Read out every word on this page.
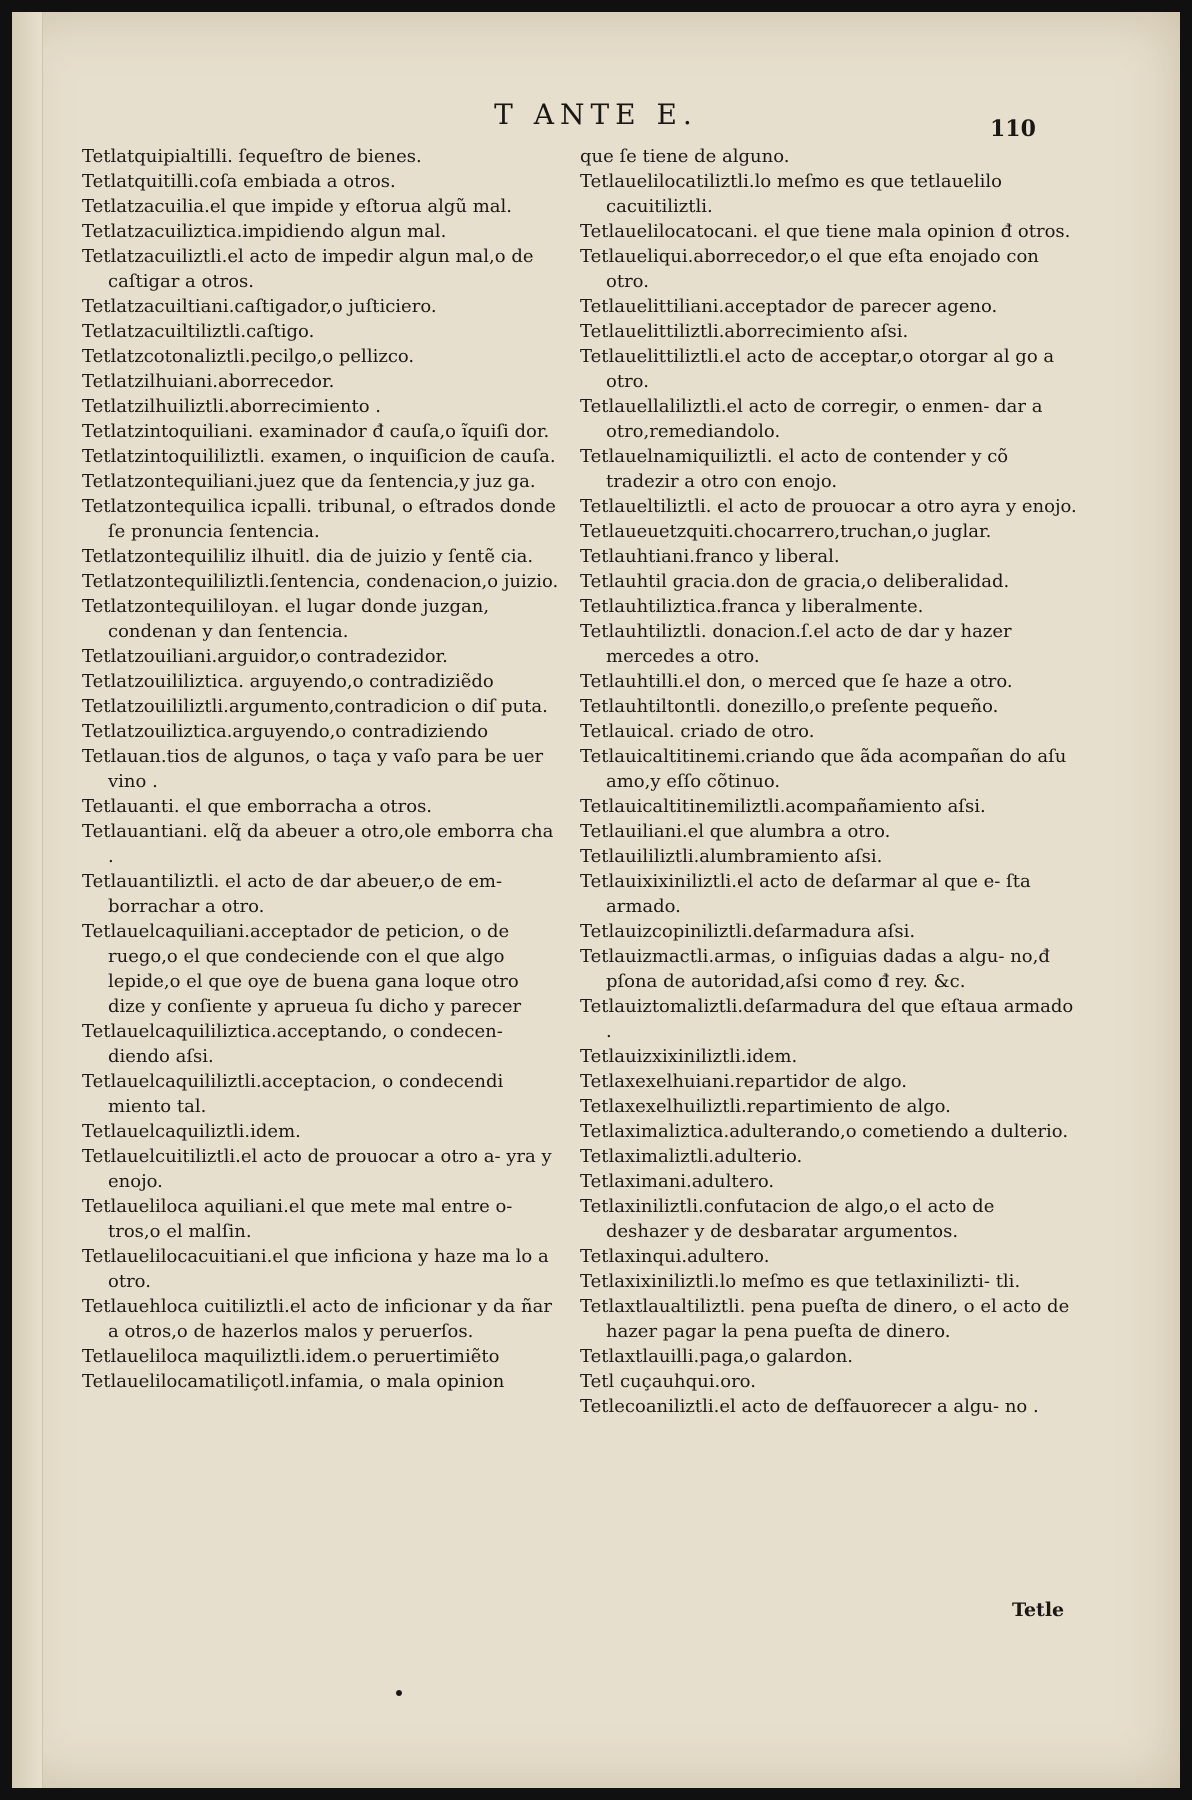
T ANTE E.	110
Tetlatquipialtilli. ſequeſtro de bienes.
Tetlatquitilli.coſa embiada a otros.
Tetlatzacuilia.el que impide y eſtorua algũ mal.
Tetlatzacuiliztica.impidiendo algun mal.
Tetlatzacuiliztli.el acto de impedir algun mal,o de caſtigar a otros.
Tetlatzacuiltiani.caſtigador,o juſticiero.
Tetlatzacuiltiliztli.caſtigo.
Tetlatzcotonaliztli.pecilgo,o pellizco.
Tetlatzilhuiani.aborrecedor.
Tetlatzilhuiliztli.aborrecimiento .
Tetlatzintoquiliani. examinador đ cauſa,o ĩquiſi dor.
Tetlatzintoquililiztli. examen, o inquiſicion de cauſa.
Tetlatzontequiliani.juez que da ſentencia,y juz ga.
Tetlatzontequilica icpalli. tribunal, o eſtrados donde ſe pronuncia ſentencia.
Tetlatzontequililiz ilhuitl. dia de juizio y ſentẽ cia.
Tetlatzontequililiztli.ſentencia, condenacion,o juizio.
Tetlatzontequililoyan. el lugar donde juzgan, condenan y dan ſentencia.
Tetlatzouiliani.arguidor,o contradezidor.
Tetlatzouililiztica. arguyendo,o contradiziẽdo
Tetlatzouililiztli.argumento,contradicion o diſ puta.
Tetlatzouiliztica.arguyendo,o contradiziendo
Tetlauan.tios de algunos, o taça y vaſo para be uer vino .
Tetlauanti. el que emborracha a otros.
Tetlauantiani. elq̃ da abeuer a otro,ole emborra cha .
Tetlauantiliztli. el acto de dar abeuer,o de em- borrachar a otro.
Tetlauelcaquiliani.acceptador de peticion, o de ruego,o el que condeciende con el que algo lepide,o el que oye de buena gana loque otro dize y conſiente y aprueua ſu dicho y parecer
Tetlauelcaquililiztica.acceptando, o condecen- diendo aſsi.
Tetlauelcaquililiztli.acceptacion, o condecendi miento tal.
Tetlauelcaquiliztli.idem.
Tetlauelcuitiliztli.el acto de prouocar a otro a- yra y enojo.
Tetlaueliloca aquiliani.el que mete mal entre o- tros,o el malſin.
Tetlauelilocacuitiani.el que inficiona y haze ma lo a otro.
Tetlauehloca cuitiliztli.el acto de inficionar y da ñar a otros,o de hazerlos malos y peruerſos.
Tetlaueliloca maquiliztli.idem.o peruertimiẽto
Tetlauelilocamatiliçotl.infamia, o mala opinion
que ſe tiene de alguno.
Tetlauelilocatiliztli.lo meſmo es que tetlauelilo cacuitiliztli.
Tetlauelilocatocani. el que tiene mala opinion đ otros.
Tetlaueliqui.aborrecedor,o el que eſta enojado con otro.
Tetlauelittiliani.acceptador de parecer ageno.
Tetlauelittiliztli.aborrecimiento aſsi.
Tetlauelittiliztli.el acto de acceptar,o otorgar al go a otro.
Tetlauellaliliztli.el acto de corregir, o enmen- dar a otro,remediandolo.
Tetlauelnamiquiliztli. el acto de contender y cõ tradezir a otro con enojo.
Tetlaueltiliztli. el acto de prouocar a otro ayra y enojo.
Tetlaueuetzquiti.chocarrero,truchan,o juglar.
Tetlauhtiani.franco y liberal.
Tetlauhtil gracia.don de gracia,o deliberalidad.
Tetlauhtiliztica.franca y liberalmente.
Tetlauhtiliztli. donacion.ſ.el acto de dar y hazer mercedes a otro.
Tetlauhtilli.el don, o merced que ſe haze a otro.
Tetlauhtiltontli. donezillo,o preſente pequeño.
Tetlauical. criado de otro.
Tetlauicaltitinemi.criando que ãda acompañan do aſu amo,y eſſo cõtinuo.
Tetlauicaltitinemiliztli.acompañamiento aſsi.
Tetlauiliani.el que alumbra a otro.
Tetlauililiztli.alumbramiento aſsi.
Tetlauixixiniliztli.el acto de deſarmar al que e- ſta armado.
Tetlauizcopiniliztli.deſarmadura aſsi.
Tetlauizmactli.armas, o inſiguias dadas a algu- no,đ pſona de autoridad,aſsi como đ rey. &c.
Tetlauiztomaliztli.deſarmadura del que eſtaua armado .
Tetlauizxixiniliztli.idem.
Tetlaxexelhuiani.repartidor de algo.
Tetlaxexelhuiliztli.repartimiento de algo.
Tetlaximaliztica.adulterando,o cometiendo a dulterio.
Tetlaximaliztli.adulterio.
Tetlaximani.adultero.
Tetlaxiniliztli.confutacion de algo,o el acto de deshazer y de desbaratar argumentos.
Tetlaxinqui.adultero.
Tetlaxixiniliztli.lo meſmo es que tetlaxinilizti- tli.
Tetlaxtlaualtiliztli. pena pueſta de dinero, o el acto de hazer pagar la pena pueſta de dinero.
Tetlaxtlauilli.paga,o galardon.
Tetl cuçauhqui.oro.
Tetlecoaniliztli.el acto de deſfauorecer a algu- no .
Tetle
